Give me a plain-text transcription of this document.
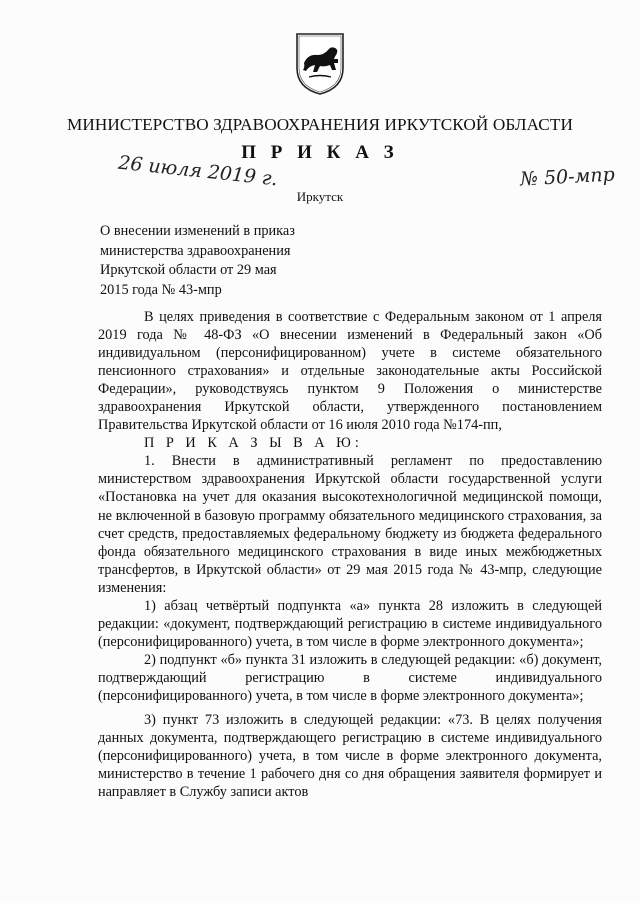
МИНИСТЕРСТВО ЗДРАВООХРАНЕНИЯ ИРКУТСКОЙ ОБЛАСТИ
П Р И К А З
26 июля 2019 г.	№ 50-мпр
Иркутск
О внесении изменений в приказ
министерства здравоохранения
Иркутской области от 29 мая
2015 года № 43-мпр

В целях приведения в соответствие с Федеральным законом от 1 апреля 2019 года № 48-ФЗ «О внесении изменений в Федеральный закон «Об индивидуальном (персонифицированном) учете в системе обязательного пенсионного страхования» и отдельные законодательные акты Российской Федерации», руководствуясь пунктом 9 Положения о министерстве здравоохранения Иркутской области, утвержденного постановлением Правительства Иркутской области от 16 июля 2010 года №174-пп,

П Р И К А З Ы В А Ю:

1. Внести в административный регламент по предоставлению министерством здравоохранения Иркутской области государственной услуги «Постановка на учет для оказания высокотехнологичной медицинской помощи, не включенной в базовую программу обязательного медицинского страхования, за счет средств, предоставляемых федеральному бюджету из бюджета федерального фонда обязательного медицинского страхования в виде иных межбюджетных трансфертов, в Иркутской области» от 29 мая 2015 года № 43-мпр, следующие изменения:

1) абзац четвёртый подпункта «а» пункта 28 изложить в следующей редакции: «документ, подтверждающий регистрацию в системе индивидуального (персонифицированного) учета, в том числе в форме электронного документа»;

2) подпункт «б» пункта 31 изложить в следующей редакции: «б) документ, подтверждающий регистрацию в системе индивидуального (персонифицированного) учета, в том числе в форме электронного документа»;

3) пункт 73 изложить в следующей редакции: «73. В целях получения данных документа, подтверждающего регистрацию в системе индивидуального (персонифицированного) учета, в том числе в форме электронного документа, министерство в течение 1 рабочего дня со дня обращения заявителя формирует и направляет в Службу записи актов
